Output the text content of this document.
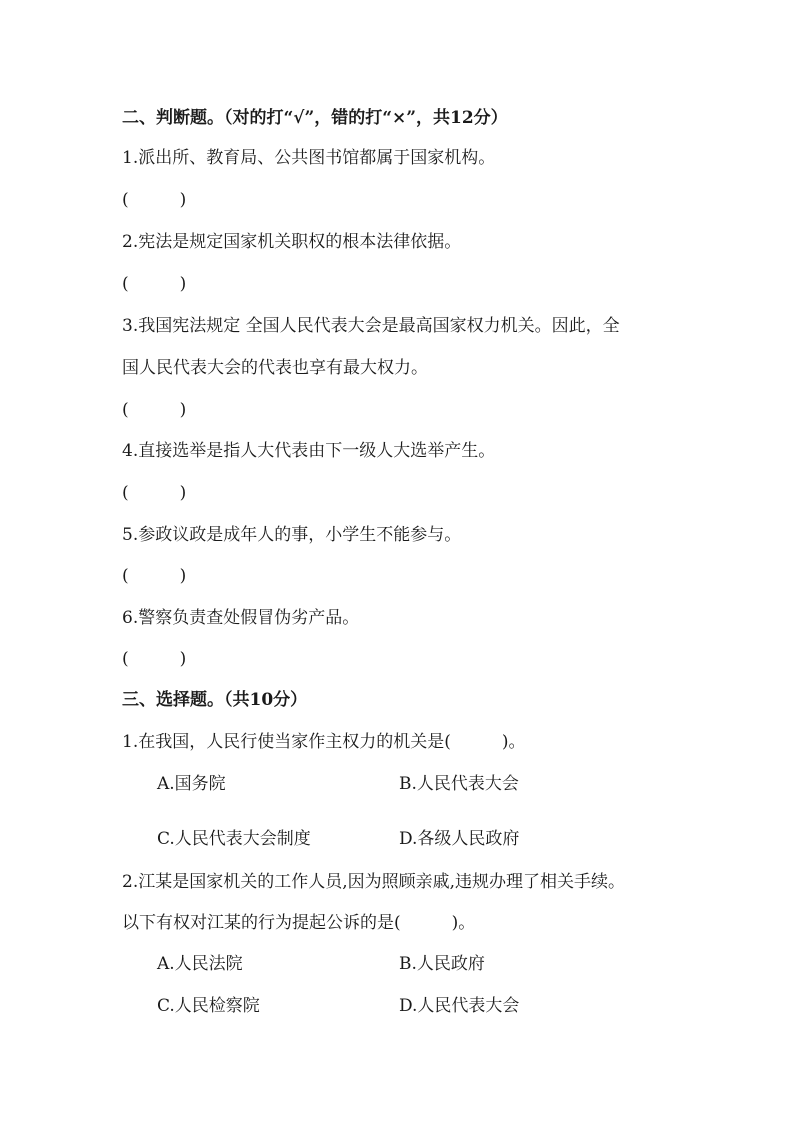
二、判断题。（对的打“√”，错的打“×”，共12分）
1.派出所、教育局、公共图书馆都属于国家机构。
(　　　)
2.宪法是规定国家机关职权的根本法律依据。
(　　　)
3.我国宪法规定 全国人民代表大会是最高国家权力机关。因此，全
国人民代表大会的代表也享有最大权力。
(　　　)
4.直接选举是指人大代表由下一级人大选举产生。
(　　　)
5.参政议政是成年人的事，小学生不能参与。
(　　　)
6.警察负责查处假冒伪劣产品。
(　　　)
三、选择题。（共10分）
1.在我国，人民行使当家作主权力的机关是(　　　)。
A.国务院	B.人民代表大会
C.人民代表大会制度	D.各级人民政府
2.江某是国家机关的工作人员,因为照顾亲戚,违规办理了相关手续。
以下有权对江某的行为提起公诉的是(　　　)。
A.人民法院	B.人民政府
C.人民检察院	D.人民代表大会
